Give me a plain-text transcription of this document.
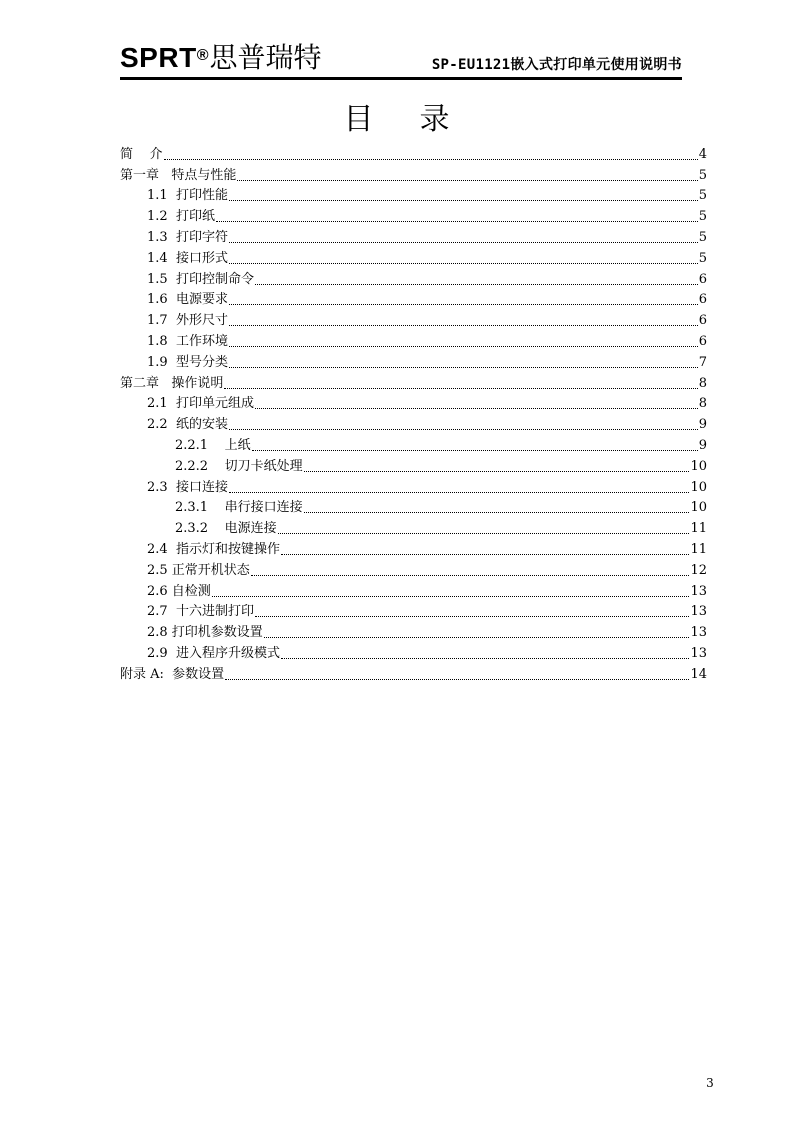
SPRT®思普瑞特	SP-EU1121嵌入式打印单元使用说明书
目录
简    介	4
第一章   特点与性能	5
1.1  打印性能	5
1.2  打印纸	5
1.3  打印字符	5
1.4  接口形式	5
1.5  打印控制命令	6
1.6  电源要求	6
1.7  外形尺寸	6
1.8  工作环境	6
1.9  型号分类	7
第二章   操作说明	8
2.1  打印单元组成	8
2.2  纸的安装	9
2.2.1    上纸	9
2.2.2    切刀卡纸处理	10
2.3  接口连接	10
2.3.1    串行接口连接	10
2.3.2    电源连接	11
2.4  指示灯和按键操作	11
2.5 正常开机状态	12
2.6 自检测	13
2.7  十六进制打印	13
2.8 打印机参数设置	13
2.9  进入程序升级模式	13
附录 A:  参数设置	14
3
